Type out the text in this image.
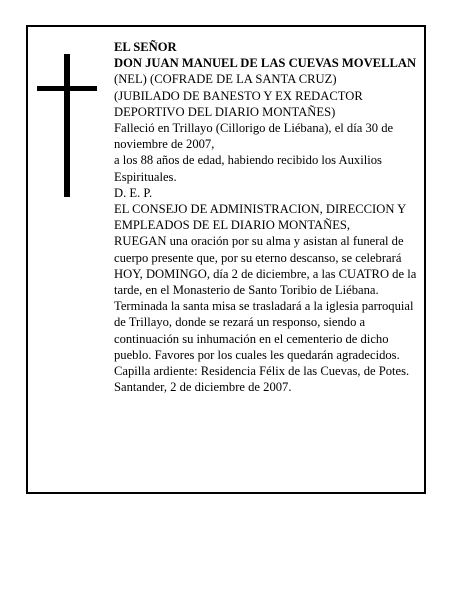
EL SEÑOR

DON JUAN MANUEL DE LAS CUEVAS MOVELLAN

(NEL) (COFRADE DE LA SANTA CRUZ)

(JUBILADO DE BANESTO Y EX REDACTOR DEPORTIVO DEL DIARIO MONTAÑES)

Falleció en Trillayo (Cillorigo de Liébana), el día 30 de noviembre de 2007,

a los 88 años de edad, habiendo recibido los Auxilios Espirituales.

D. E. P.

EL CONSEJO DE ADMINISTRACION, DIRECCION Y EMPLEADOS DE EL DIARIO MONTAÑES,

RUEGAN una oración por su alma y asistan al funeral de cuerpo presente que, por su eterno descanso, se celebrará HOY, DOMINGO, día 2 de diciembre, a las CUATRO de la tarde, en el Monasterio de Santo Toribio de Liébana. Terminada la santa misa se trasladará a la iglesia parroquial de Trillayo, donde se rezará un responso, siendo a continuación su inhumación en el cementerio de dicho pueblo. Favores por los cuales les quedarán agradecidos. Capilla ardiente: Residencia Félix de las Cuevas, de Potes.

Santander, 2 de diciembre de 2007.
